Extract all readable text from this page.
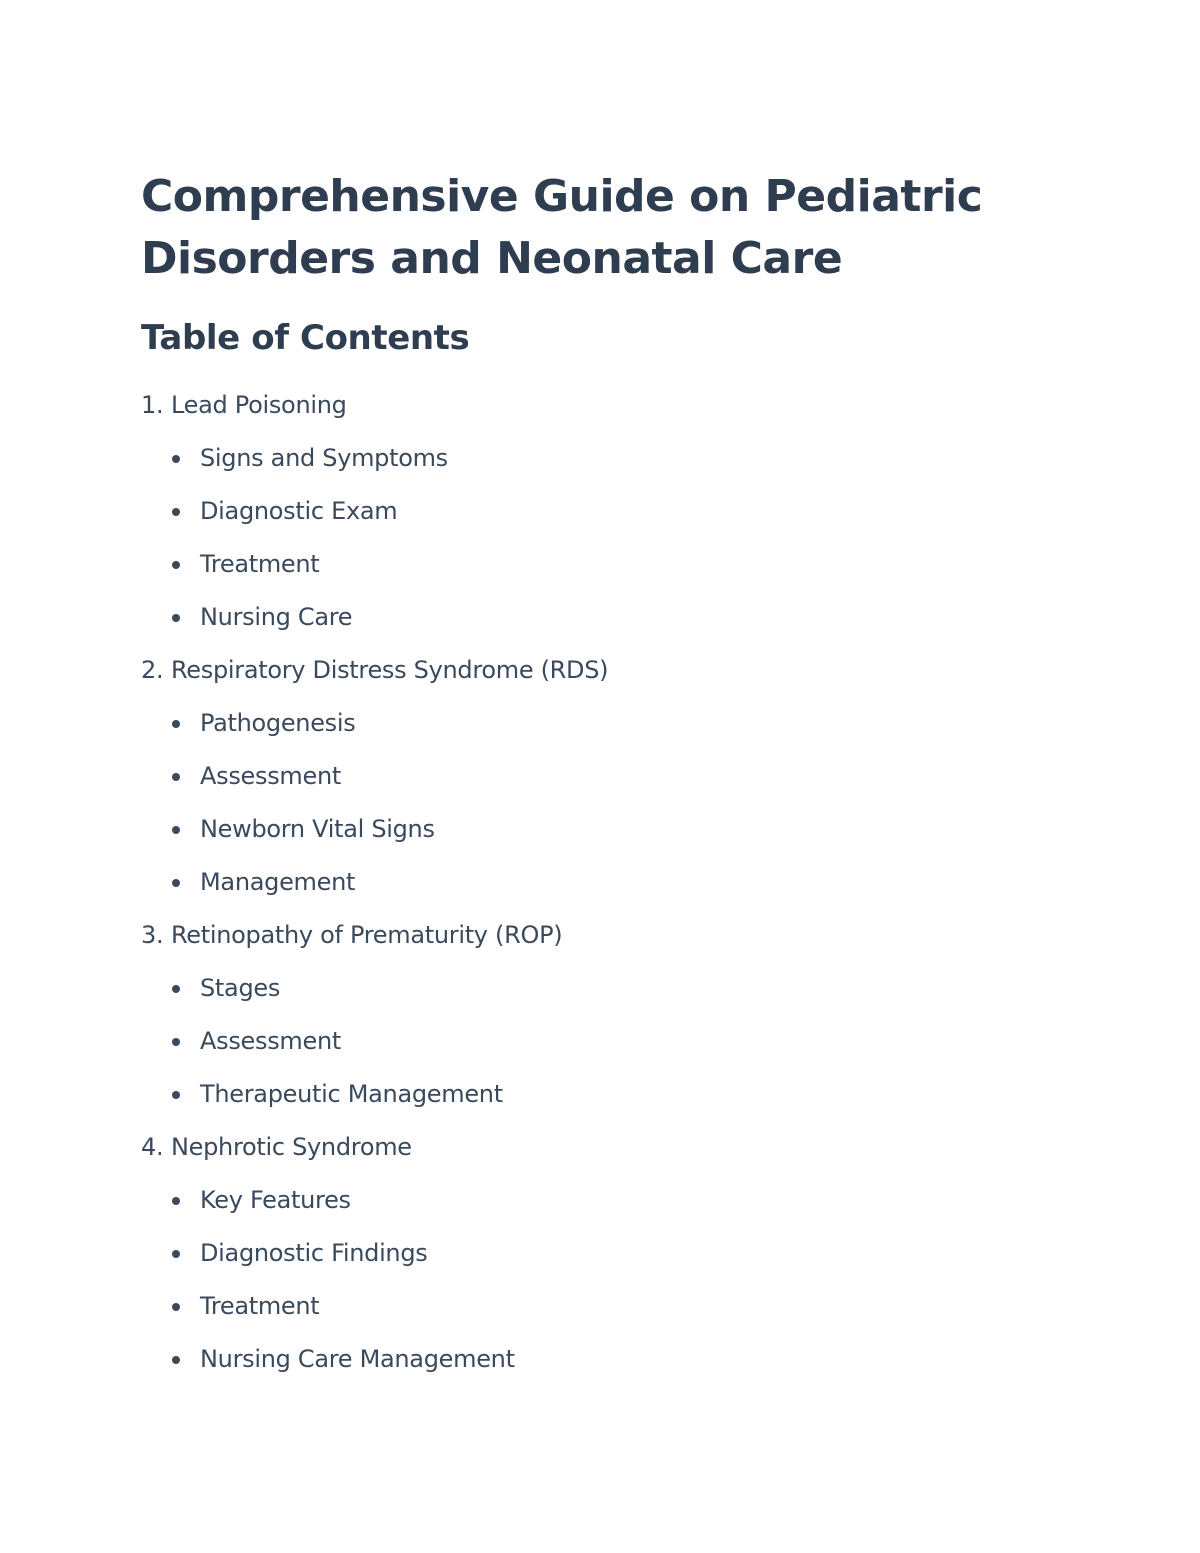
Comprehensive Guide on Pediatric Disorders and Neonatal Care
Table of Contents
1. Lead Poisoning
Signs and Symptoms
Diagnostic Exam
Treatment
Nursing Care
2. Respiratory Distress Syndrome (RDS)
Pathogenesis
Assessment
Newborn Vital Signs
Management
3. Retinopathy of Prematurity (ROP)
Stages
Assessment
Therapeutic Management
4. Nephrotic Syndrome
Key Features
Diagnostic Findings
Treatment
Nursing Care Management
